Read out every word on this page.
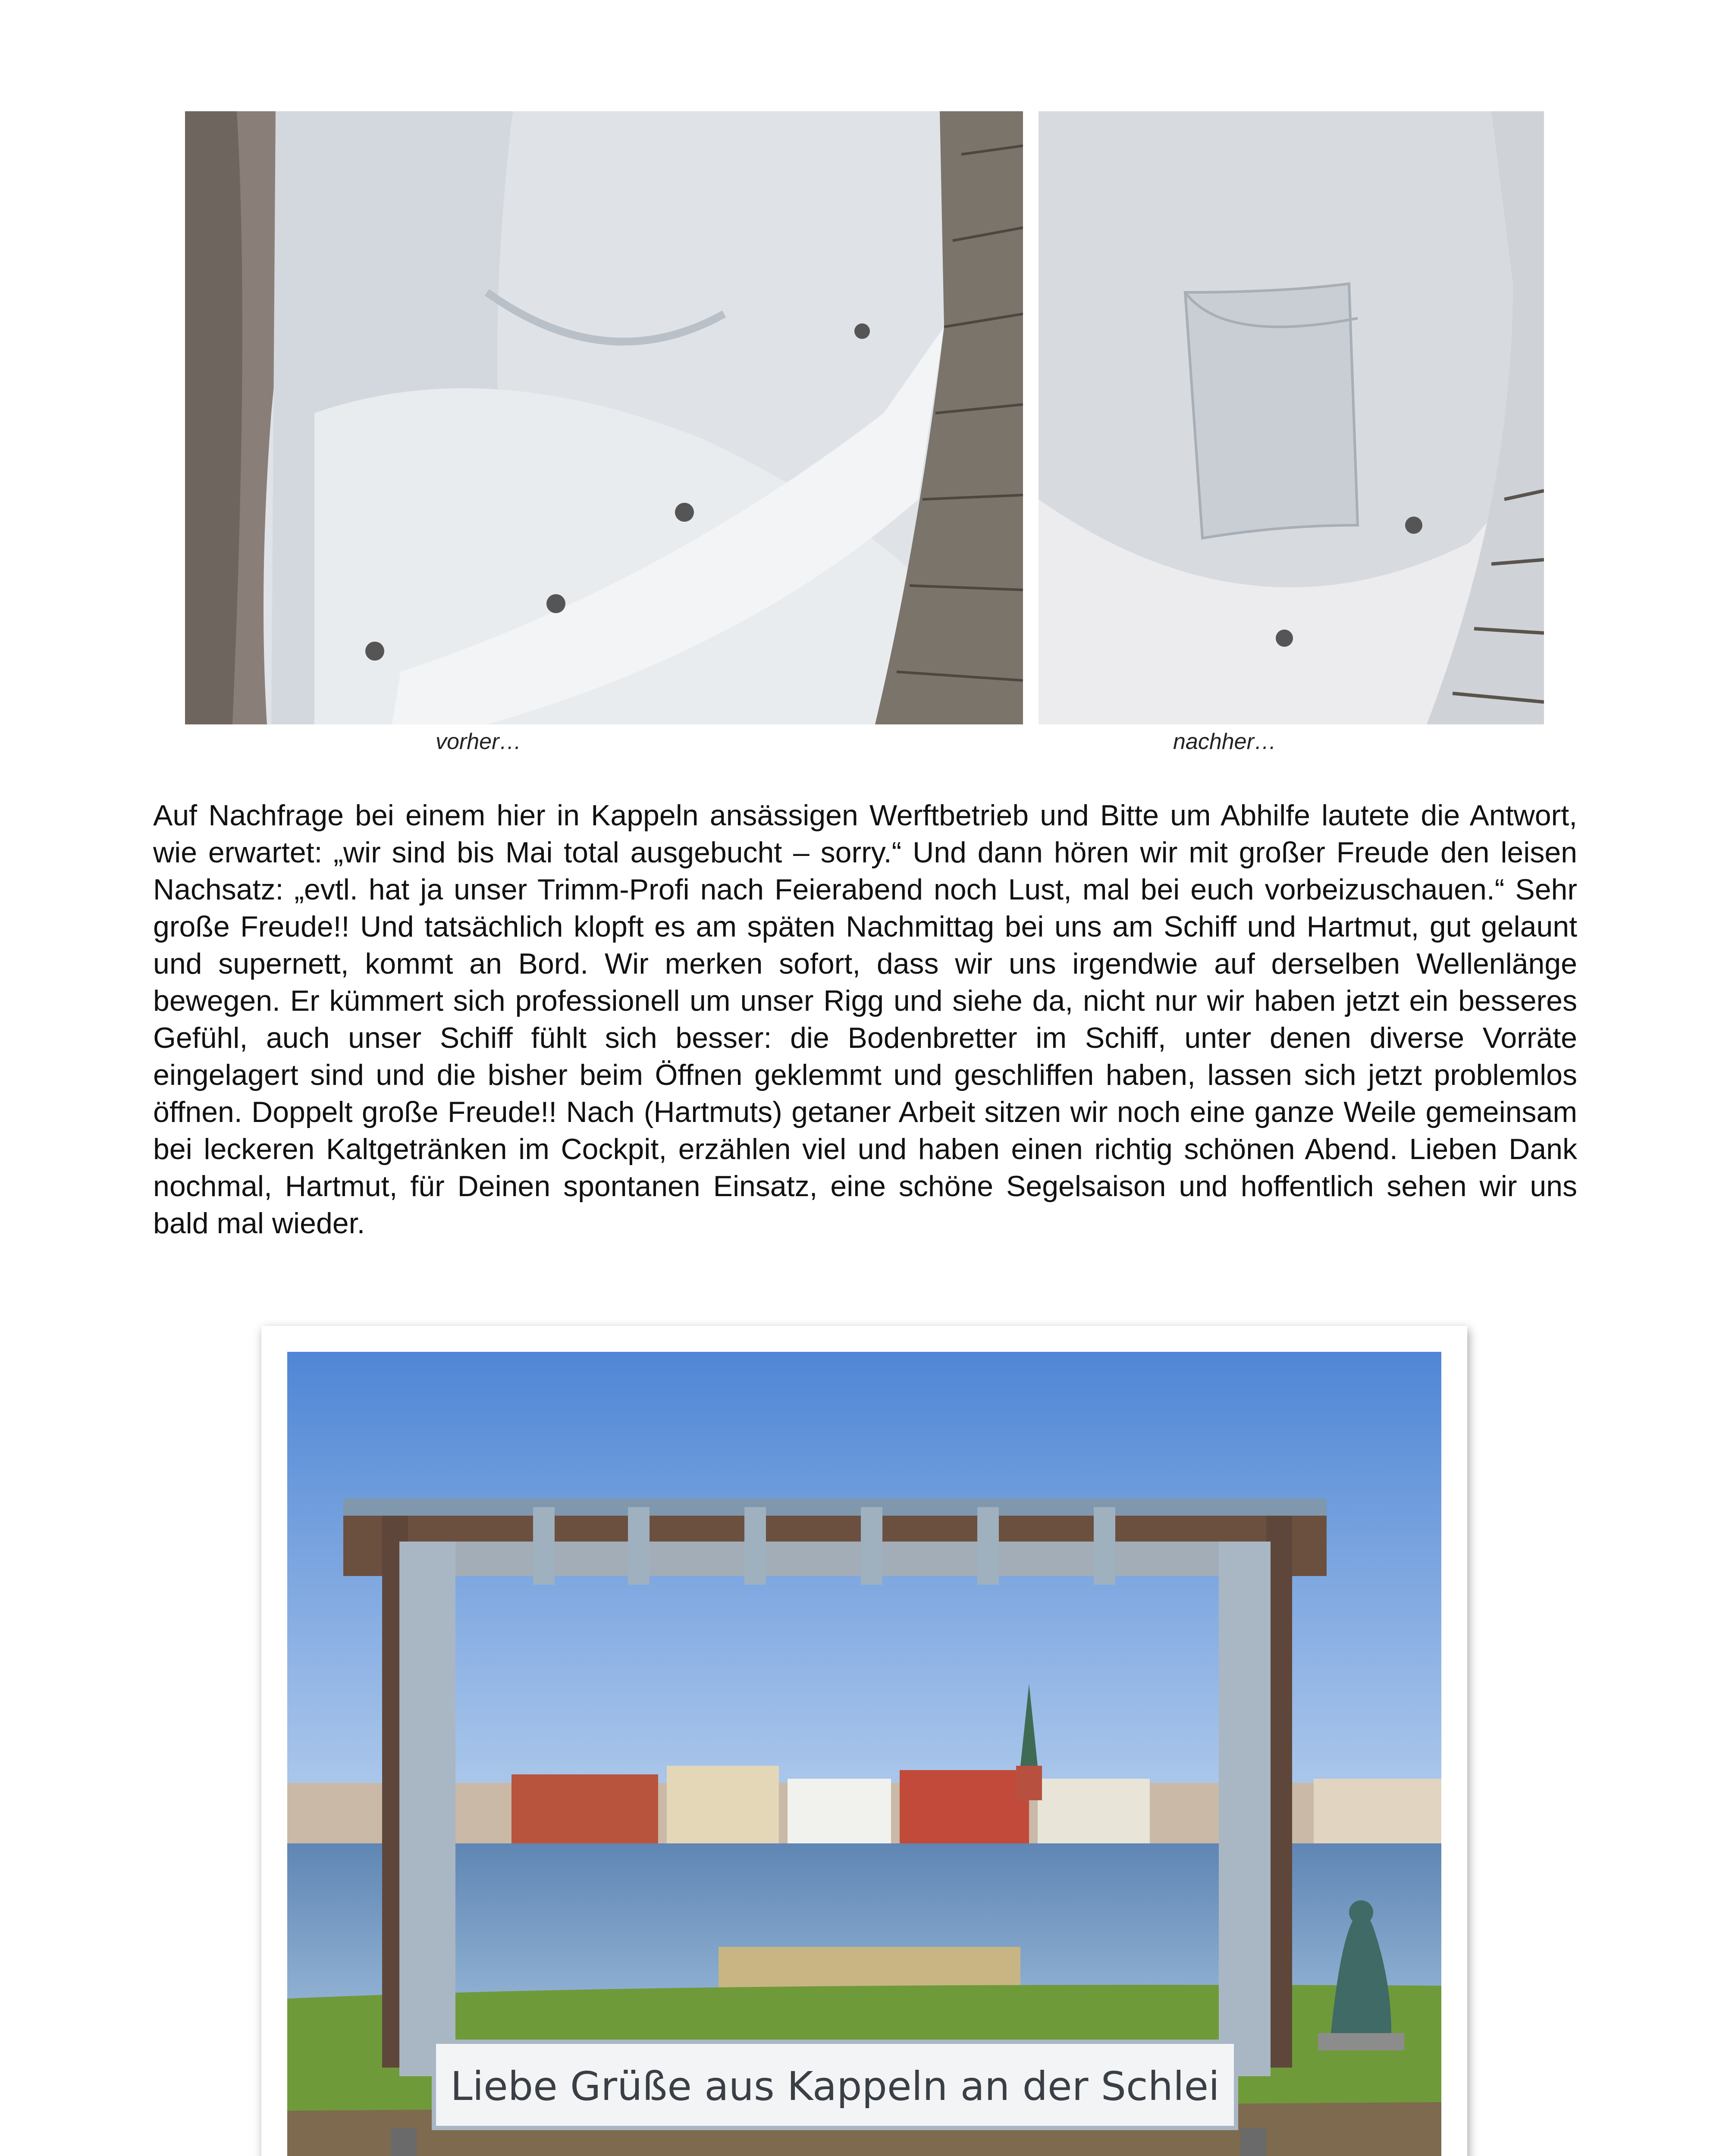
vorher…	nachher…

Auf Nachfrage bei einem hier in Kappeln ansässigen Werftbetrieb und Bitte um Abhilfe lautete die Antwort, wie erwartet: „wir sind bis Mai total ausgebucht – sorry.“ Und dann hören wir mit großer Freude den leisen Nachsatz: „evtl. hat ja unser Trimm-Profi nach Feierabend noch Lust, mal bei euch vorbeizuschauen.“ Sehr große Freude!! Und tatsächlich klopft es am späten Nachmittag bei uns am Schiff und Hartmut, gut gelaunt und supernett, kommt an Bord. Wir merken sofort, dass wir uns irgendwie auf derselben Wellenlänge bewegen. Er kümmert sich professionell um unser Rigg und siehe da, nicht nur wir haben jetzt ein besseres Gefühl, auch unser Schiff fühlt sich besser: die Bodenbretter im Schiff, unter denen diverse Vorräte eingelagert sind und die bisher beim Öffnen geklemmt und geschliffen haben, lassen sich jetzt problemlos öffnen. Doppelt große Freude!! Nach (Hartmuts) getaner Arbeit sitzen wir noch eine ganze Weile gemeinsam bei leckeren Kaltgetränken im Cockpit, erzählen viel und haben einen richtig schönen Abend. Lieben Dank nochmal, Hartmut, für Deinen spontanen Einsatz, eine schöne Segelsaison und hoffentlich sehen wir uns bald mal wieder.

Liebe Grüße aus Kappeln an der Schlei
